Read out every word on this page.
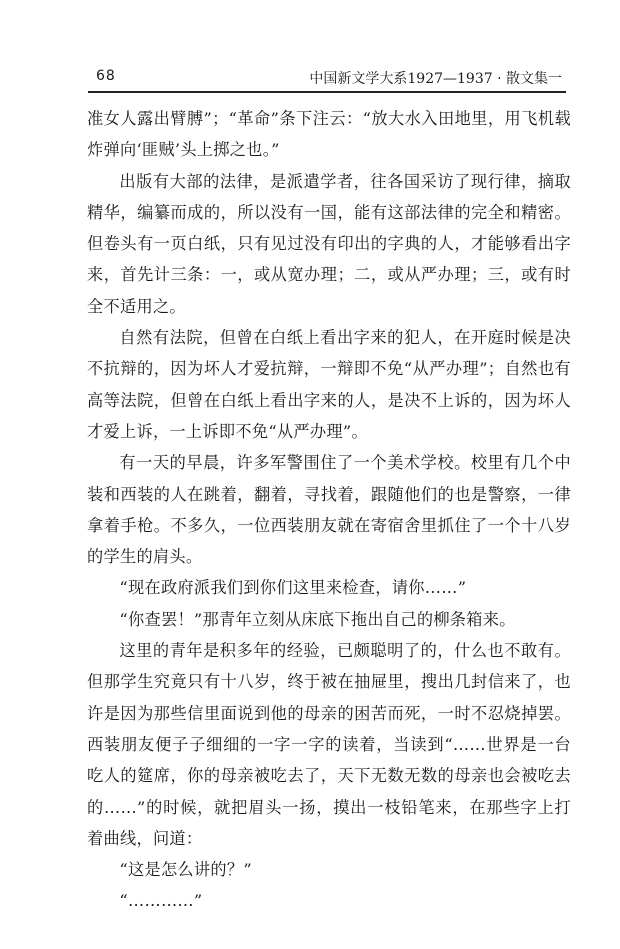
68	中国新文学大系1927—1937 · 散文集一

准女人露出臂膊”；“革命”条下注云：“放大水入田地里，用飞机载炸弹向‘匪贼’头上掷之也。”

出版有大部的法律，是派遣学者，往各国采访了现行律，摘取精华，编纂而成的，所以没有一国，能有这部法律的完全和精密。但卷头有一页白纸，只有见过没有印出的字典的人，才能够看出字来，首先计三条：一，或从宽办理；二，或从严办理；三，或有时全不适用之。

自然有法院，但曾在白纸上看出字来的犯人，在开庭时候是决不抗辩的，因为坏人才爱抗辩，一辩即不免“从严办理”；自然也有高等法院，但曾在白纸上看出字来的人，是决不上诉的，因为坏人才爱上诉，一上诉即不免“从严办理”。

有一天的早晨，许多军警围住了一个美术学校。校里有几个中装和西装的人在跳着，翻着，寻找着，跟随他们的也是警察，一律拿着手枪。不多久，一位西装朋友就在寄宿舍里抓住了一个十八岁的学生的肩头。

“现在政府派我们到你们这里来检查，请你……”

“你查罢！”那青年立刻从床底下拖出自己的柳条箱来。

这里的青年是积多年的经验，已颇聪明了的，什么也不敢有。但那学生究竟只有十八岁，终于被在抽屉里，搜出几封信来了，也许是因为那些信里面说到他的母亲的困苦而死，一时不忍烧掉罢。西装朋友便子子细细的一字一字的读着，当读到“……世界是一台吃人的筵席，你的母亲被吃去了，天下无数无数的母亲也会被吃去的……”的时候，就把眉头一扬，摸出一枝铅笔来，在那些字上打着曲线，问道：

“这是怎么讲的？”

“…………”
